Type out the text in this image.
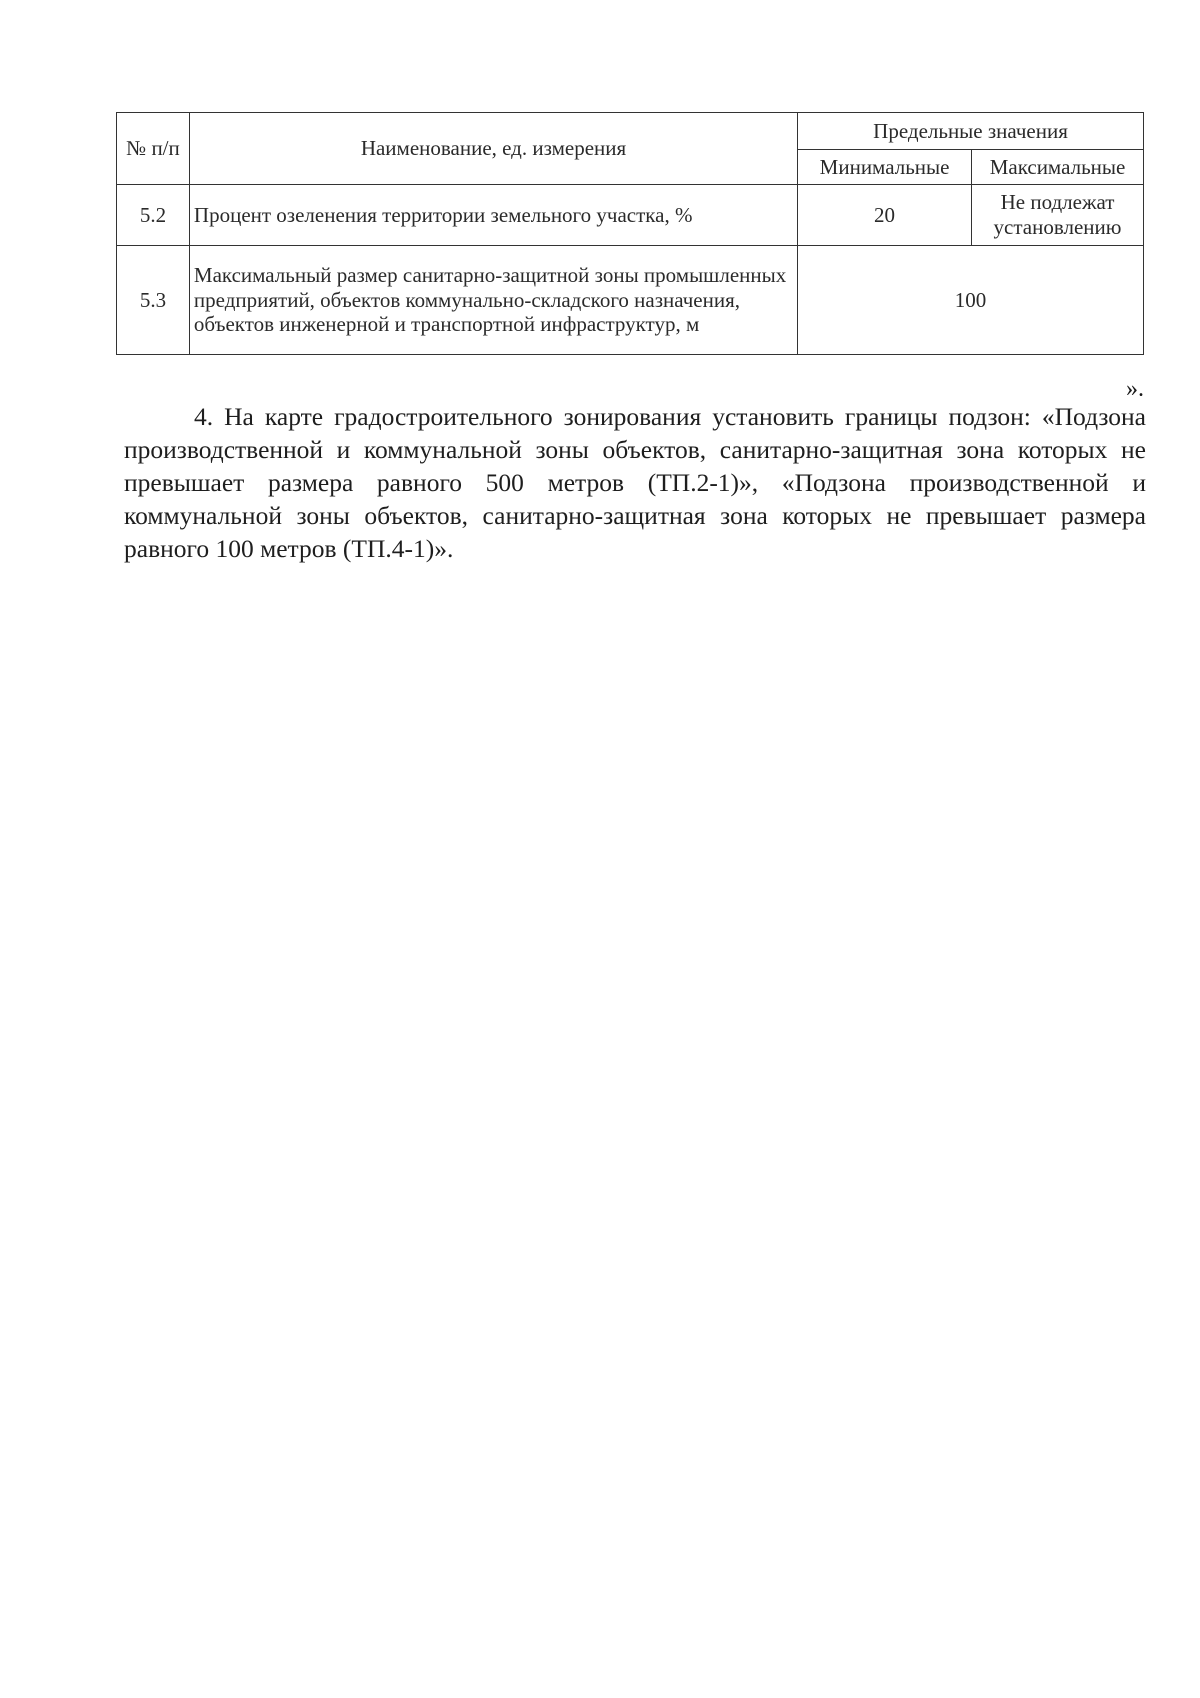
№ п/п	Наименование, ед. измерения	Предельные значения	
		Минимальные	Максимальные
5.2	Процент озеленения территории земельного участка, %	20	Не подлежат установлению
5.3	Максимальный размер санитарно-защитной зоны промышленных предприятий, объектов коммунально-складского назначения, объектов инженерной и транспортной инфраструктур, м	100	
».
4. На карте градостроительного зонирования установить границы подзон: «Подзона производственной и коммунальной зоны объектов, санитарно-защитная зона которых не превышает размера равного 500 метров (ТП.2-1)», «Подзона производственной и коммунальной зоны объектов, санитарно-защитная зона которых не превышает размера равного 100 метров (ТП.4-1)».
